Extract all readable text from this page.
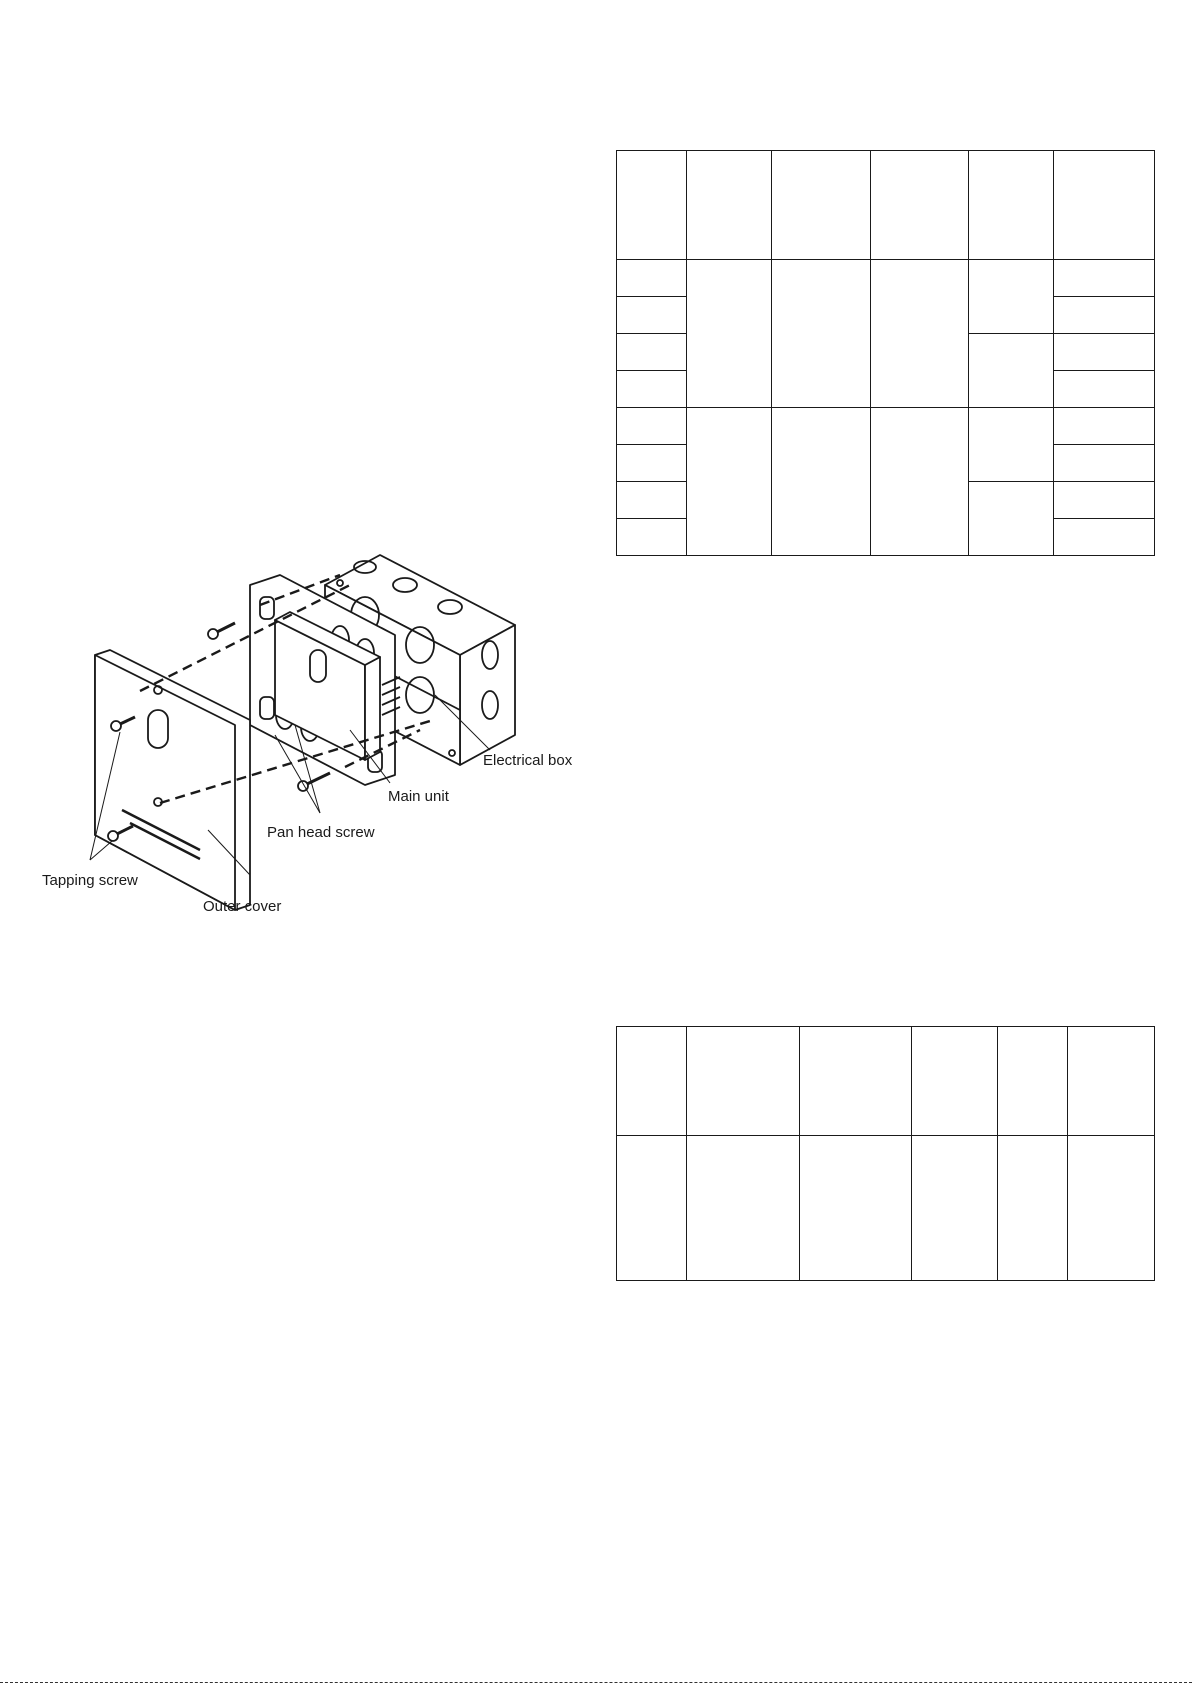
Electrical box
Main unit
Pan head screw
Tapping screw
Outer cover
